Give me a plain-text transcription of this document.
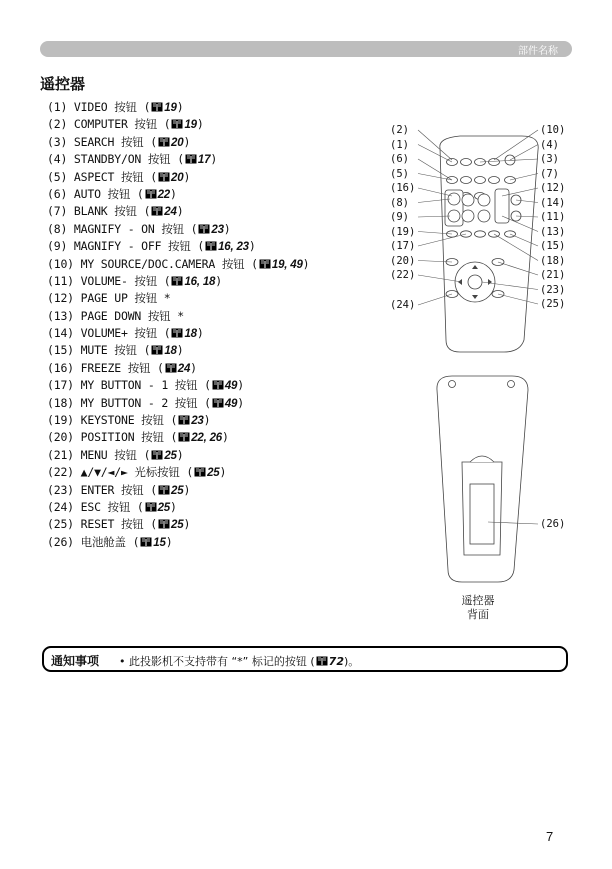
部件名称
遥控器
(1) VIDEO 按钮 ( 19)
(2) COMPUTER 按钮 ( 19)
(3) SEARCH 按钮 ( 20)
(4) STANDBY/ON 按钮 ( 17)
(5) ASPECT 按钮 ( 20)
(6) AUTO 按钮 ( 22)
(7) BLANK 按钮 ( 24)
(8) MAGNIFY - ON 按钮 ( 23)
(9) MAGNIFY - OFF 按钮 ( 16, 23)
(10) MY SOURCE/DOC.CAMERA 按钮 ( 19, 49)
(11) VOLUME- 按钮 ( 16, 18)
(12) PAGE UP 按钮 *
(13) PAGE DOWN 按钮 *
(14) VOLUME+ 按钮 ( 18)
(15) MUTE 按钮 ( 18)
(16) FREEZE 按钮 ( 24)
(17) MY BUTTON - 1 按钮 ( 49)
(18) MY BUTTON - 2 按钮 ( 49)
(19) KEYSTONE 按钮 ( 23)
(20) POSITION 按钮 ( 22, 26)
(21) MENU 按钮 ( 25)
(22) ▲/▼/◄/► 光标按钮 ( 25)
(23) ENTER 按钮 ( 25)
(24) ESC 按钮 ( 25)
(25) RESET 按钮 ( 25)
(26) 电池舱盖 ( 15)
(2)
(1)
(6)
(5)
(16)
(8)
(9)
(19)
(17)
(20)
(22)
(24)
(10)
(4)
(3)
(7)
(12)
(14)
(11)
(13)
(15)
(18)
(21)
(23)
(25)
(26)
遥控器
背面
通知事项 • 此投影机不支持带有 “*” 标记的按钮 ( 72)。
7
